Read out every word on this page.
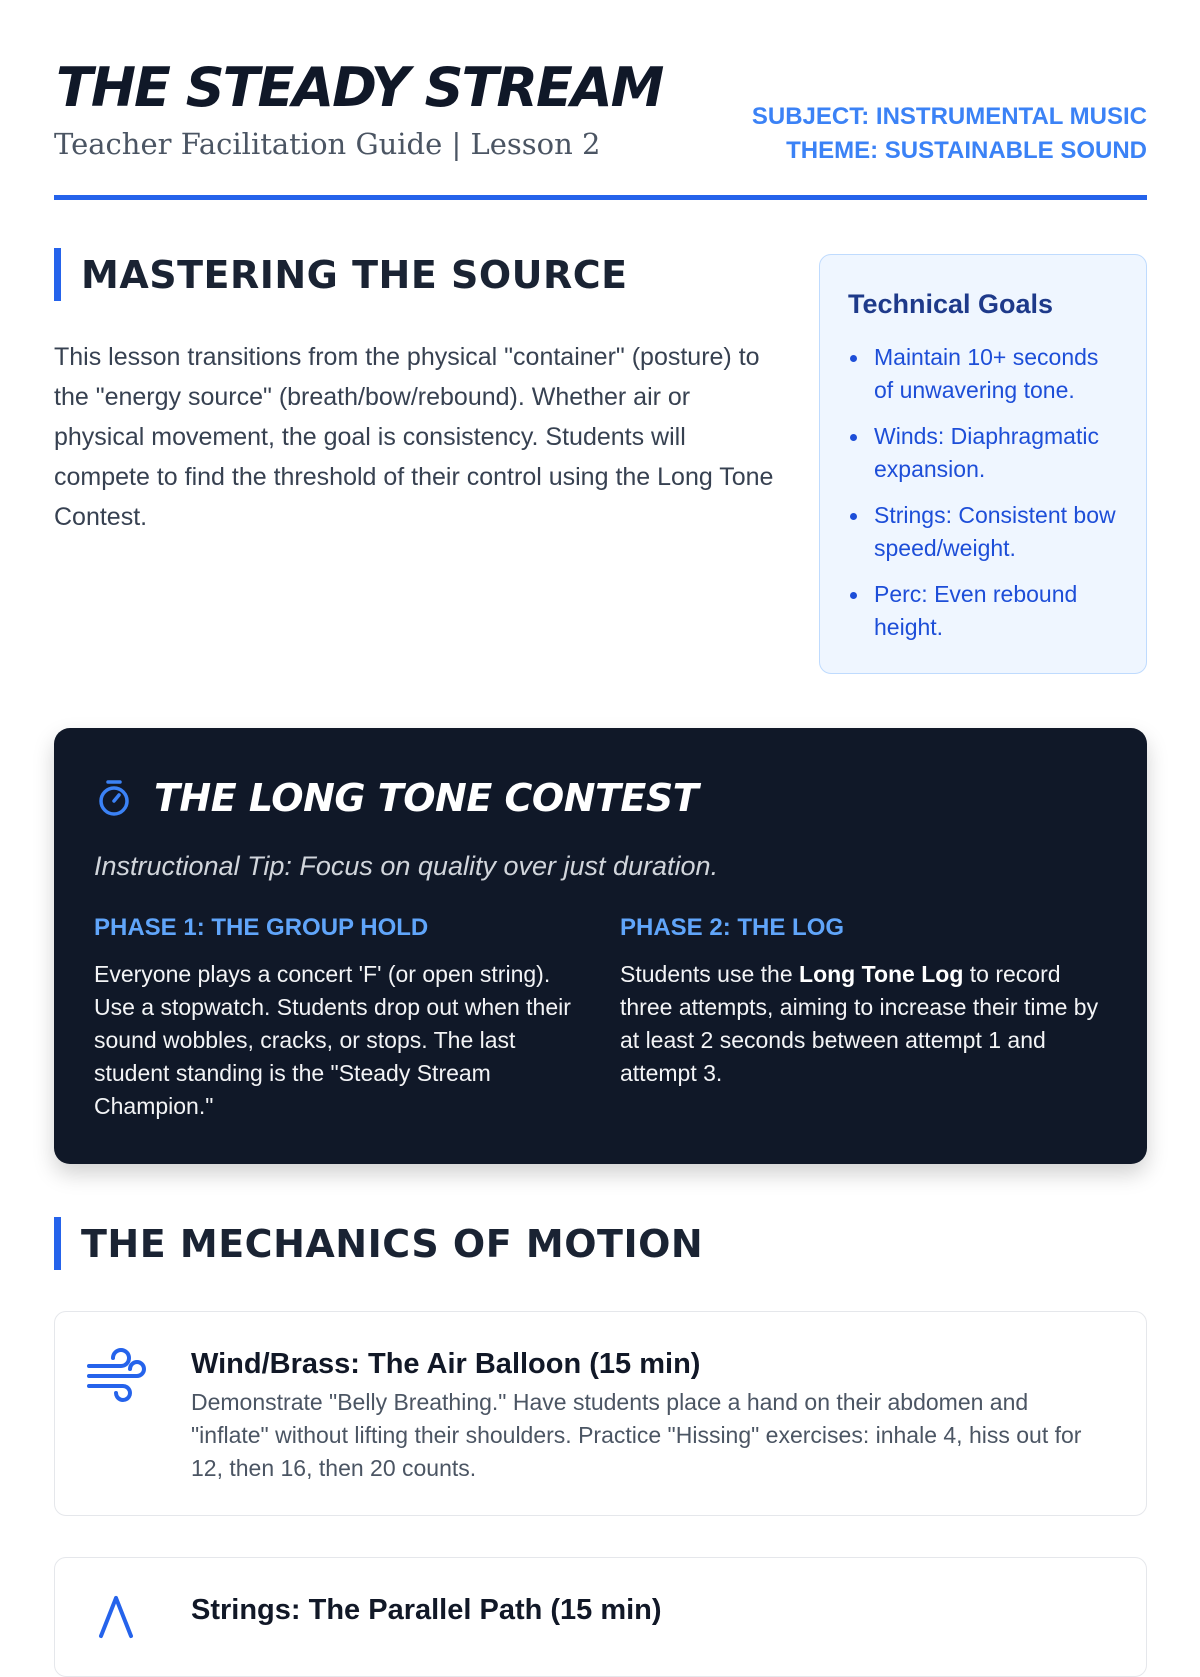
THE STEADY STREAM
Teacher Facilitation Guide | Lesson 2
SUBJECT: INSTRUMENTAL MUSIC
THEME: SUSTAINABLE SOUND
MASTERING THE SOURCE

This lesson transitions from the physical "container" (posture) to the "energy source" (breath/bow/rebound). Whether air or physical movement, the goal is consistency. Students will compete to find the threshold of their control using the Long Tone Contest.

Technical Goals
Maintain 10+ seconds of unwavering tone.
Winds: Diaphragmatic expansion.
Strings: Consistent bow speed/weight.
Perc: Even rebound height.
THE LONG TONE CONTEST
Instructional Tip: Focus on quality over just duration.
PHASE 1: THE GROUP HOLD

Everyone plays a concert 'F' (or open string). Use a stopwatch. Students drop out when their sound wobbles, cracks, or stops. The last student standing is the "Steady Stream Champion."

PHASE 2: THE LOG

Students use the Long Tone Log to record three attempts, aiming to increase their time by at least 2 seconds between attempt 1 and attempt 3.

THE MECHANICS OF MOTION
Wind/Brass: The Air Balloon (15 min)

Demonstrate "Belly Breathing." Have students place a hand on their abdomen and "inflate" without lifting their shoulders. Practice "Hissing" exercises: inhale 4, hiss out for 12, then 16, then 20 counts.

Strings: The Parallel Path (15 min)
